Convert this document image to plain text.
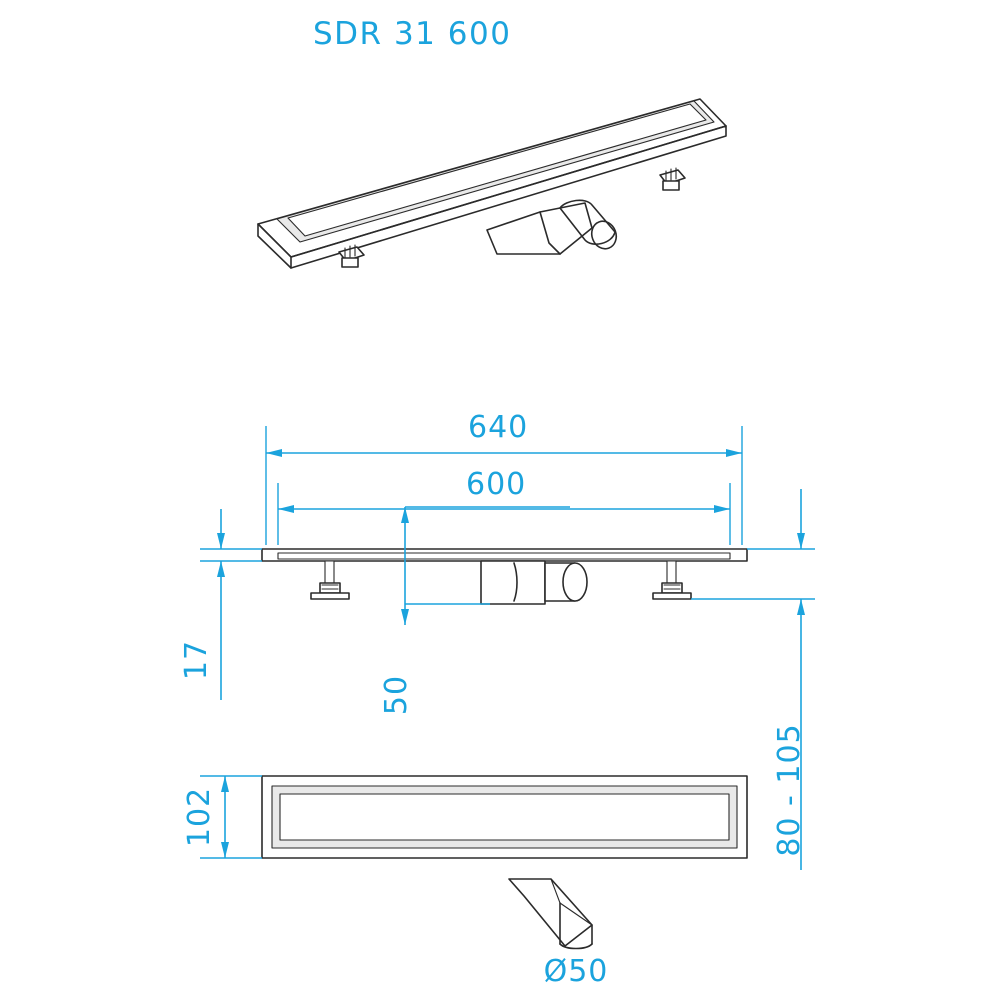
SDR 31 600
640
600
17
50
80 - 105
102
Ø50
